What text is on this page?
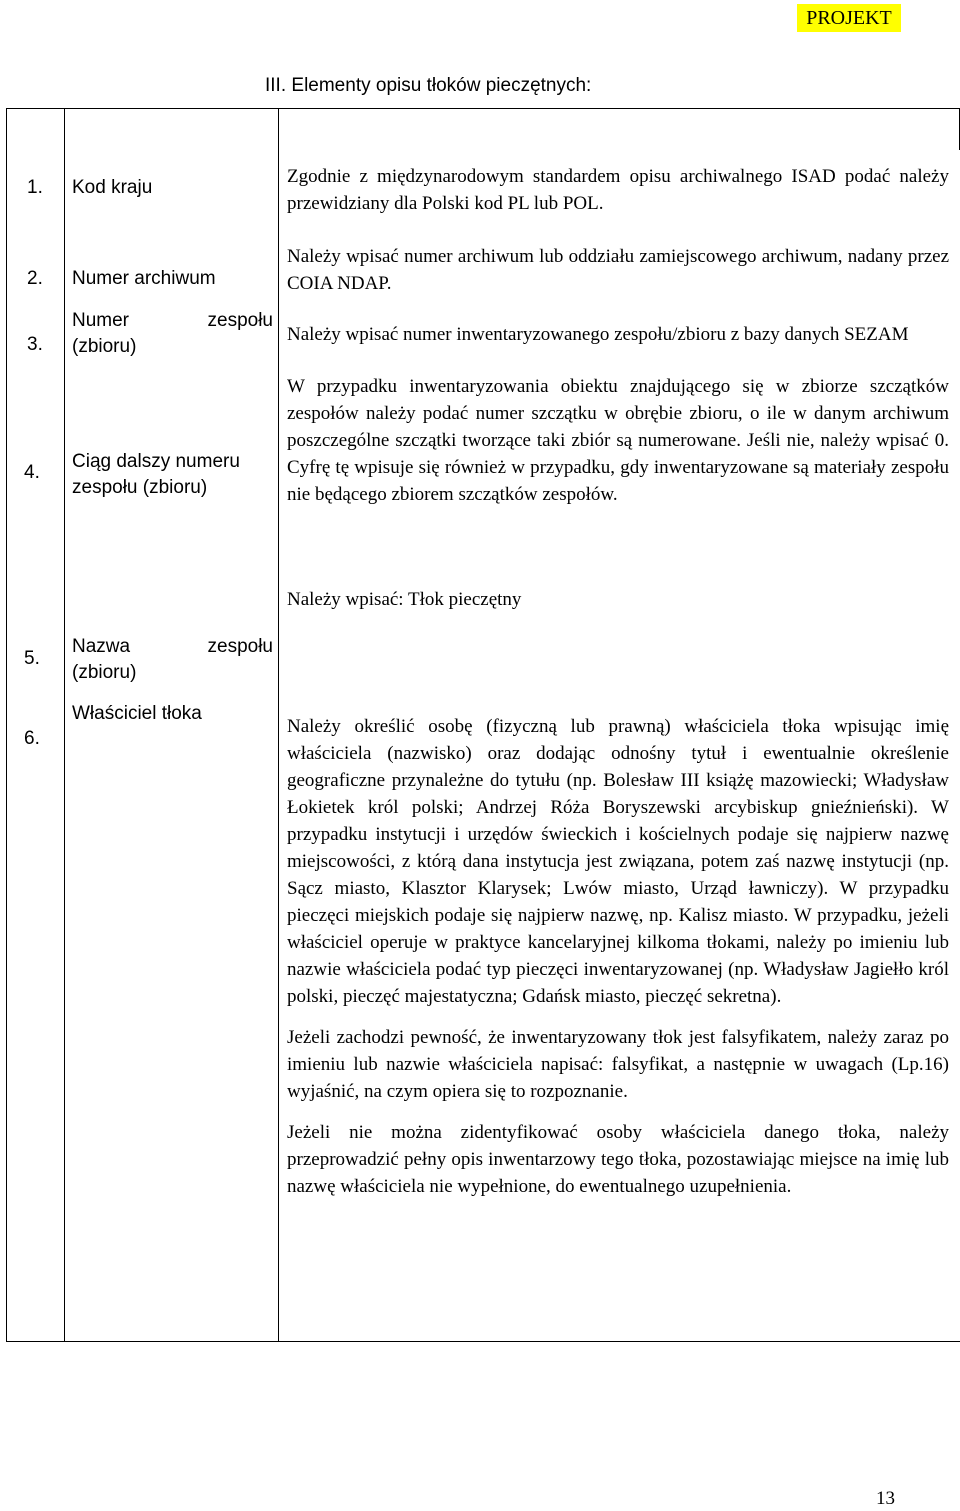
PROJEKT
III. Elementy opisu tłoków pieczętnych:
1. Kod kraju

Zgodnie z międzynarodowym standardem opisu archiwalnego ISAD podać należy przewidziany dla Polski kod PL lub POL.

2. Numer archiwum

Należy wpisać numer archiwum lub oddziału zamiejscowego archiwum, nadany przez COIA NDAP.

3.
Numer	zespołu
(zbioru)

Należy wpisać numer inwentaryzowanego zespołu/zbioru z bazy danych SEZAM

4.
Ciąg dalszy numeru
zespołu (zbioru)

W przypadku inwentaryzowania obiektu znajdującego się w zbiorze szczątków zespołów należy podać numer szczątku w obrębie zbioru, o ile w danym archiwum poszczególne szczątki tworzące taki zbiór są numerowane. Jeśli nie, należy wpisać 0. Cyfrę tę wpisuje się również w przypadku, gdy inwentaryzowane są materiały zespołu nie będącego zbiorem szczątków zespołów.

5.
Nazwa	zespołu
(zbioru)

Należy wpisać: Tłok pieczętny

6.
Właściciel tłoka

Należy określić osobę (fizyczną lub prawną) właściciela tłoka wpisując imię właściciela (nazwisko) oraz dodając odnośny tytuł i ewentualnie określenie geograficzne przynależne do tytułu (np. Bolesław III książę mazowiecki; Władysław Łokietek król polski; Andrzej Róża Boryszewski arcybiskup gnieźnieński). W przypadku instytucji i urzędów świeckich i kościelnych podaje się najpierw nazwę miejscowości, z którą dana instytucja jest związana, potem zaś nazwę instytucji (np. Sącz miasto, Klasztor Klarysek; Lwów miasto, Urząd ławniczy). W przypadku pieczęci miejskich podaje się najpierw nazwę, np. Kalisz miasto. W przypadku, jeżeli właściciel operuje w praktyce kancelaryjnej kilkoma tłokami, należy po imieniu lub nazwie właściciela podać typ pieczęci inwentaryzowanej (np. Władysław Jagiełło król polski, pieczęć majestatyczna; Gdańsk miasto, pieczęć sekretna).

Jeżeli zachodzi pewność, że inwentaryzowany tłok jest falsyfikatem, należy zaraz po imieniu lub nazwie właściciela napisać: falsyfikat, a następnie w uwagach (Lp.16) wyjaśnić, na czym opiera się to rozpoznanie.

Jeżeli nie można zidentyfikować osoby właściciela danego tłoka, należy przeprowadzić pełny opis inwentarzowy tego tłoka, pozostawiając miejsce na imię lub nazwę właściciela nie wypełnione, do ewentualnego uzupełnienia.

13
